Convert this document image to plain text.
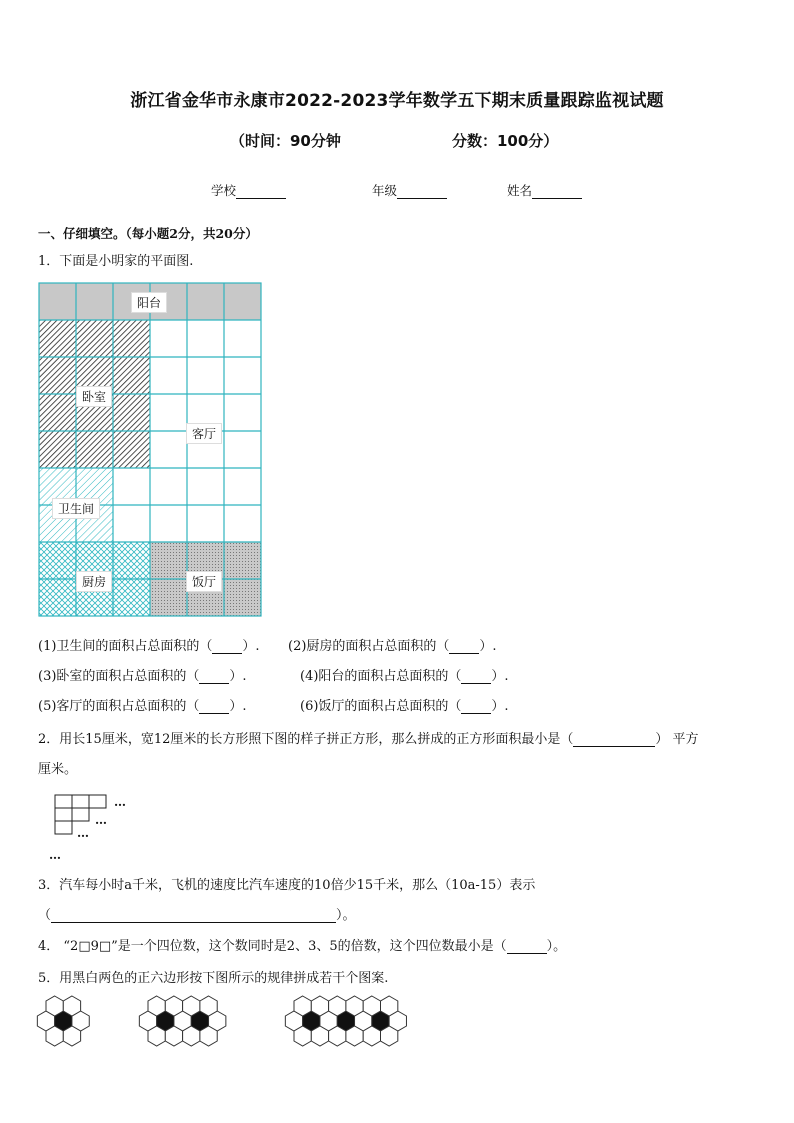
浙江省金华市永康市2022-2023学年数学五下期末质量跟踪监视试题
（时间：90分钟	分数：100分）
学校	年级	姓名
一、仔细填空。（每小题2分，共20分）
1．下面是小明家的平面图.
阳台
卧室
客厅
卫生间
厨房	饭厅
(1)卫生间的面积占总面积的（ ）. (2)厨房的面积占总面积的（ ）.
(3)卧室的面积占总面积的（ ）.	(4)阳台的面积占总面积的（ ）.
(5)客厅的面积占总面积的（ ）.	(6)饭厅的面积占总面积的（ ）.
2．用长15厘米，宽12厘米的长方形照下图的样子拼正方形，那么拼成的正方形面积最小是（	） 平方
厘米。
…
…
…
…
3．汽车每小时a千米，飞机的速度比汽车速度的10倍少15千米，那么（10a-15）表示
（	）。
4． “2□9□”是一个四位数，这个数同时是2、3、5的倍数，这个四位数最小是（	）。
5．用黑白两色的正六边形按下图所示的规律拼成若干个图案.
